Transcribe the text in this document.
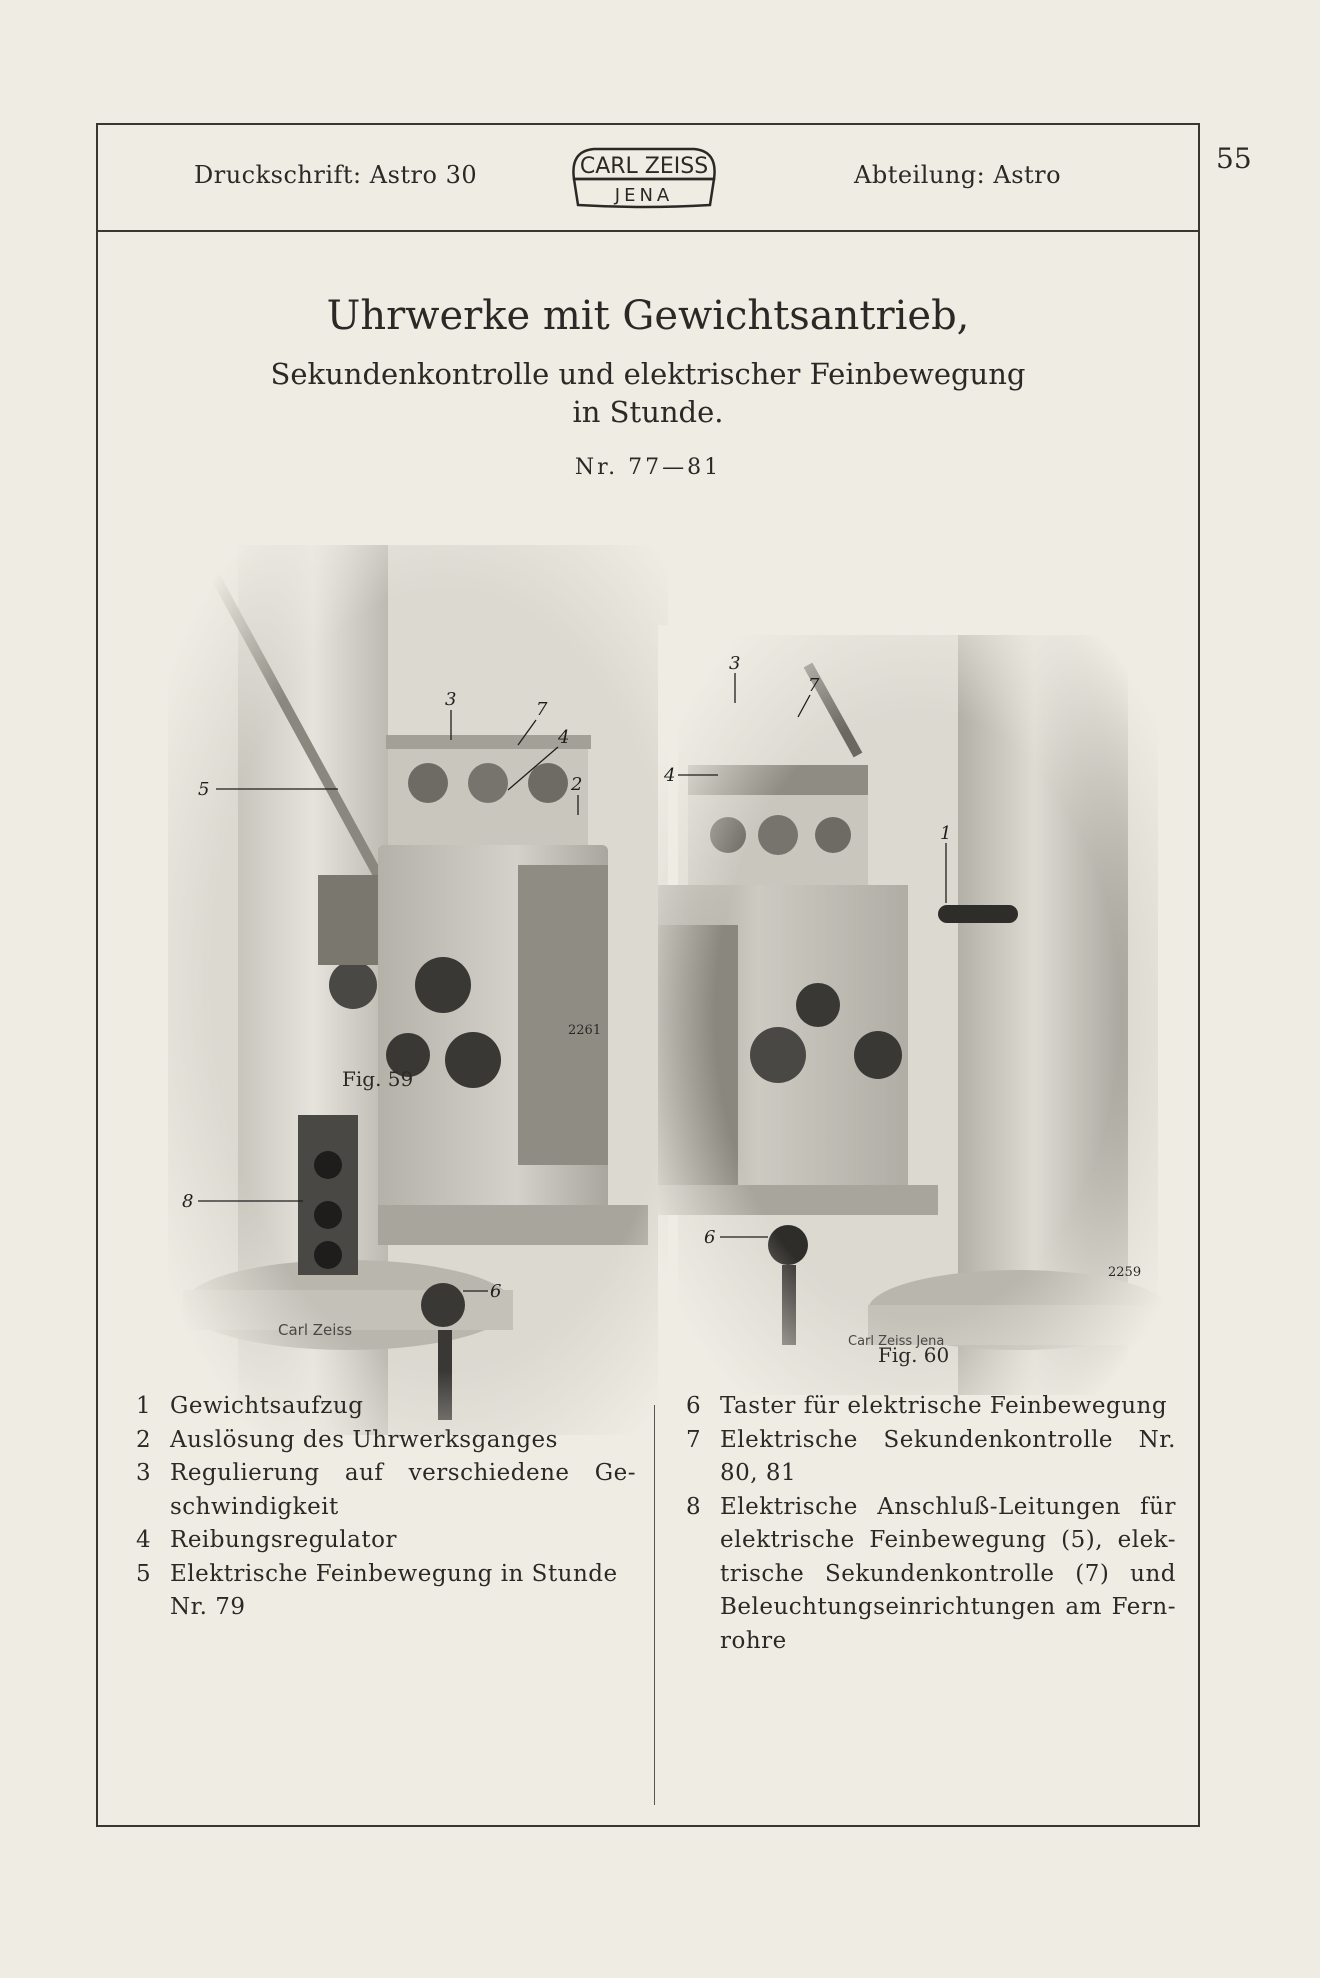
55
Druckschrift: Astro 30	CARL ZEISS
JENA
Abteilung: Astro
Uhrwerke mit Gewichtsantrieb,
Sekundenkontrolle und elektrischer Feinbewegung
in Stunde.
Nr. 77—81
3	7
4
5	2
8
6
Carl Zeiss
2261
Fig. 59
3
7
4
1
6
Carl Zeiss Jena
2259
Fig. 60
1 Gewichtsaufzug
2 Auslösung des Uhrwerksganges
3 Regulierung auf verschiedene Ge-schwindigkeit
4 Reibungsregulator
5 Elektrische Feinbewegung in Stunde Nr. 79
6 Taster für elektrische Feinbewegung
7 Elektrische Sekundenkontrolle Nr. 80, 81
8 Elektrische Anschluß-Leitungen für elektrische Feinbewegung (5), elek-trische Sekundenkontrolle (7) und Beleuchtungseinrichtungen am Fern-rohre
